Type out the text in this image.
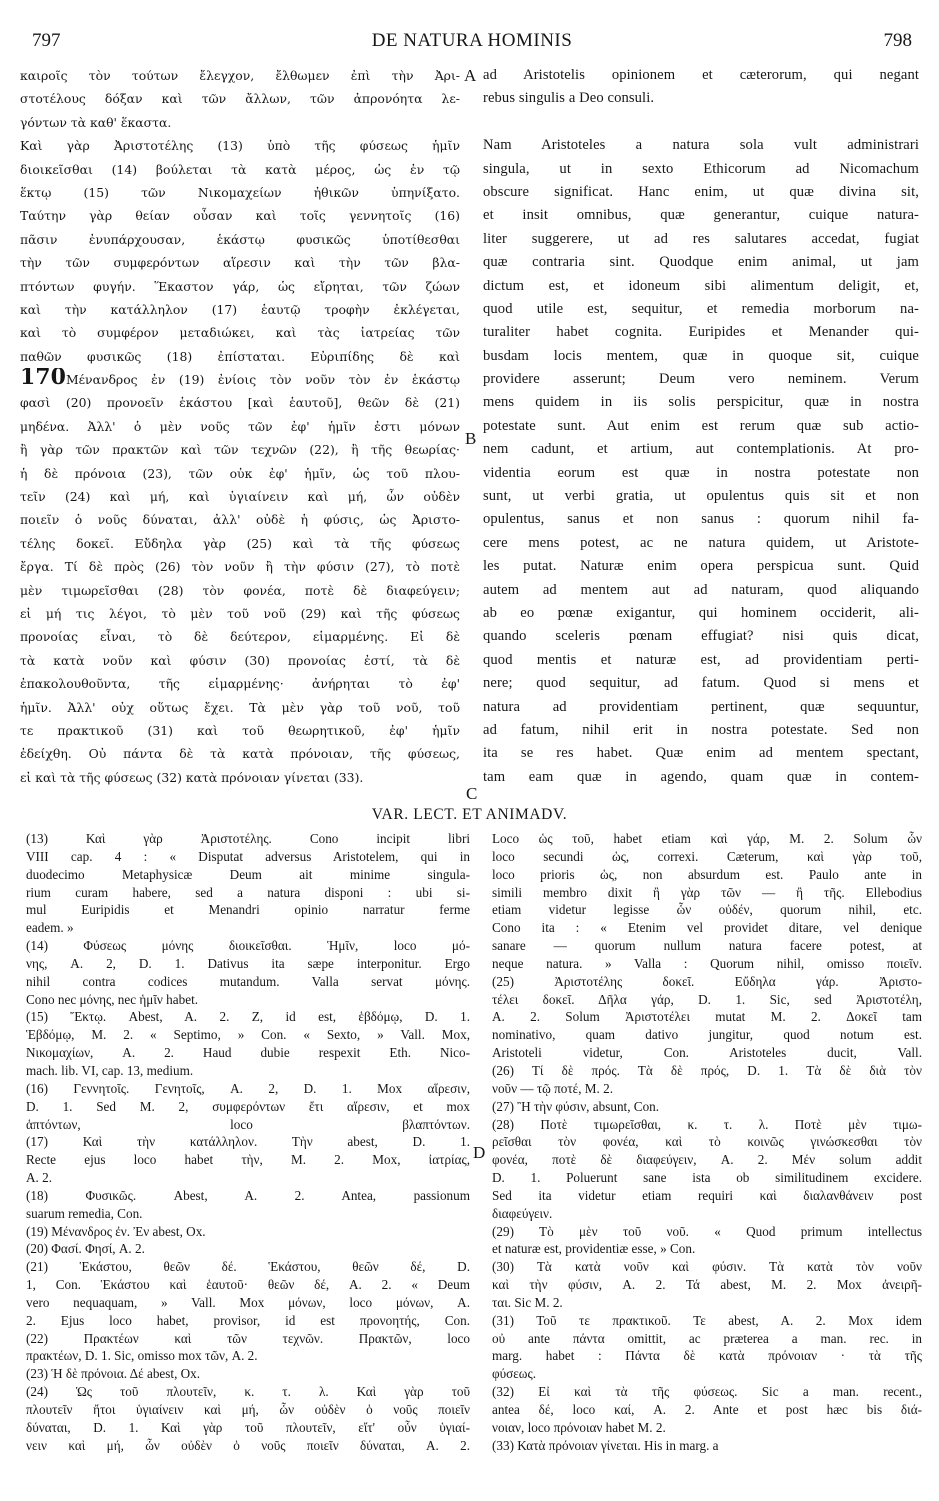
797	DE NATURA HOMINIS	798
καιροῖς τὸν τούτων ἔλεγχον, ἔλθωμεν ἐπὶ τὴν Ἀρι-
στοτέλους δόξαν καὶ τῶν ἄλλων, τῶν ἀπρονόητα λε-
γόντων τὰ καθ' ἕκαστα.
Καὶ γὰρ Ἀριστοτέλης (13) ὑπὸ τῆς φύσεως ἡμῖν
διοικεῖσθαι (14) βούλεται τὰ κατὰ μέρος, ὡς ἐν τῷ
ἕκτῳ (15) τῶν Νικομαχείων ἠθικῶν ὑπηνίξατο.
Ταύτην γὰρ θείαν οὖσαν καὶ τοῖς γεννητοῖς (16)
πᾶσιν ἐνυπάρχουσαν, ἑκάστῳ φυσικῶς ὑποτίθεσθαι
τὴν τῶν συμφερόντων αἵρεσιν καὶ τὴν τῶν βλα-
πτόντων φυγήν. Ἕκαστον γάρ, ὡς εἴρηται, τῶν ζώων
καὶ τὴν κατάλληλον (17) ἑαυτῷ τροφὴν ἐκλέγεται,
καὶ τὸ συμφέρον μεταδιώκει, καὶ τὰς ἰατρείας τῶν
παθῶν φυσικῶς (18) ἐπίσταται. Εὐριπίδης δὲ καὶ
170Μένανδρος ἐν (19) ἐνίοις τὸν νοῦν τὸν ἐν ἑκάστῳ
φασὶ (20) προνοεῖν ἑκάστου [καὶ ἑαυτοῦ], θεῶν δὲ (21)
μηδένα. Ἀλλ' ὁ μὲν νοῦς τῶν ἐφ' ἡμῖν ἐστι μόνων
ἢ γὰρ τῶν πρακτῶν καὶ τῶν τεχνῶν (22), ἢ τῆς θεωρίας·
ἡ δὲ πρόνοια (23), τῶν οὐκ ἐφ' ἡμῖν, ὡς τοῦ πλου-
τεῖν (24) καὶ μή, καὶ ὑγιαίνειν καὶ μή, ὧν οὐδὲν
ποιεῖν ὁ νοῦς δύναται, ἀλλ' οὐδὲ ἡ φύσις, ὡς Ἀριστο-
τέλης δοκεῖ. Εὔδηλα γὰρ (25) καὶ τὰ τῆς φύσεως
ἔργα. Τί δὲ πρὸς (26) τὸν νοῦν ἢ τὴν φύσιν (27), τὸ ποτὲ
μὲν τιμωρεῖσθαι (28) τὸν φονέα, ποτὲ δὲ διαφεύγειν;
εἰ μή τις λέγοι, τὸ μὲν τοῦ νοῦ (29) καὶ τῆς φύσεως
προνοίας εἶναι, τὸ δὲ δεύτερον, εἱμαρμένης. Εἰ δὲ
τὰ κατὰ νοῦν καὶ φύσιν (30) προνοίας ἐστί, τὰ δὲ
ἐπακολουθοῦντα, τῆς εἱμαρμένης· ἀνήρηται τὸ ἐφ'
ἡμῖν. Ἀλλ' οὐχ οὕτως ἔχει. Τὰ μὲν γὰρ τοῦ νοῦ, τοῦ
τε πρακτικοῦ (31) καὶ τοῦ θεωρητικοῦ, ἐφ' ἡμῖν
ἐδείχθη. Οὐ πάντα δὲ τὰ κατὰ πρόνοιαν, τῆς φύσεως,
εἰ καὶ τὰ τῆς φύσεως (32) κατὰ πρόνοιαν γίνεται (33).
ad Aristotelis opinionem et cæterorum, qui negant
rebus singulis a Deo consuli.
Nam Aristoteles a natura sola vult administrari
singula, ut in sexto Ethicorum ad Nicomachum
obscure significat. Hanc enim, ut quæ divina sit,
et insit omnibus, quæ generantur, cuique natura-
liter suggerere, ut ad res salutares accedat, fugiat
quæ contraria sint. Quodque enim animal, ut jam
dictum est, et idoneum sibi alimentum deligit, et,
quod utile est, sequitur, et remedia morborum na-
turaliter habet cognita. Euripides et Menander qui-
busdam locis mentem, quæ in quoque sit, cuique
providere asserunt; Deum vero neminem. Verum
mens quidem in iis solis perspicitur, quæ in nostra
potestate sunt. Aut enim est rerum quæ sub actio-
nem cadunt, et artium, aut contemplationis. At pro-
videntia eorum est quæ in nostra potestate non
sunt, ut verbi gratia, ut opulentus quis sit et non
opulentus, sanus et non sanus : quorum nihil fa-
cere mens potest, ac ne natura quidem, ut Aristote-
les putat. Naturæ enim opera perspicua sunt. Quid
autem ad mentem aut ad naturam, quod aliquando
ab eo pœnæ exigantur, qui hominem occiderit, ali-
quando sceleris pœnam effugiat? nisi quis dicat,
quod mentis et naturæ est, ad providentiam perti-
nere; quod sequitur, ad fatum. Quod si mens et
natura ad providentiam pertinent, quæ sequuntur,
ad fatum, nihil erit in nostra potestate. Sed non
ita se res habet. Quæ enim ad mentem spectant,
tam eam quæ in agendo, quam quæ in contem-
A
B
C
D
VAR. LECT. ET ANIMADV.
(13) Καὶ γὰρ Ἀριστοτέλης. Cono incipit libri
VIII cap. 4 : « Disputat adversus Aristotelem, qui in
duodecimo Metaphysicæ Deum ait minime singula-
rium curam habere, sed a natura disponi : ubi si-
mul Euripidis et Menandri opinio narratur ferme
eadem. »
(14) Φύσεως μόνης διοικεῖσθαι. Ἡμῖν, loco μό-
νης, A. 2, D. 1. Dativus ita sæpe interponitur. Ergo
nihil contra codices mutandum. Valla servat μόνης.
Cono nec μόνης, nec ἡμῖν habet.
(15) Ἕκτῳ. Abest, A. 2. Z, id est, ἑβδόμῳ, D. 1.
Ἑβδόμῳ, M. 2. « Septimo, » Con. « Sexto, » Vall. Mox,
Νικομαχίων, A. 2. Haud dubie respexit Eth. Nico-
mach. lib. VI, cap. 13, medium.
(16) Γεννητοῖς. Γενητοῖς, A. 2, D. 1. Mox αἵρεσιν,
D. 1. Sed M. 2, συμφερόντων ἔτι αἵρεσιν, et mox
ἁπτόντων, loco βλαπτόντων.
(17) Καὶ τὴν κατάλληλον. Τὴν abest, D. 1.
Recte ejus loco habet τὴν, M. 2. Mox, ἰατρίας,
A. 2.
(18) Φυσικῶς. Abest, A. 2. Antea, passionum
suarum remedia, Con.
(19) Μένανδρος ἐν. Ἐν abest, Ox.
(20) Φασί. Φησί, A. 2.
(21) Ἑκάστου, θεῶν δέ. Ἑκάστου, θεῶν δέ, D.
1, Con. Ἑκάστου καὶ ἑαυτοῦ· θεῶν δέ, A. 2. « Deum
vero nequaquam, » Vall. Mox μόνων, loco μόνων, A.
2. Ejus loco habet, provisor, id est προνοητής, Con.
(22) Πρακτέων καὶ τῶν τεχνῶν. Πρακτῶν, loco
πρακτέων, D. 1. Sic, omisso mox τῶν, A. 2.
(23) Ἡ δὲ πρόνοια. Δέ abest, Ox.
(24) Ὡς τοῦ πλουτεῖν, κ. τ. λ. Καὶ γὰρ τοῦ
πλουτεῖν ἤτοι ὑγιαίνειν καὶ μή, ὧν οὐδὲν ὁ νοῦς ποιεῖν
δύναται, D. 1. Καὶ γὰρ τοῦ πλουτεῖν, εἴτ' οὖν ὑγιαί-
νειν καὶ μή, ὧν οὐδὲν ὁ νοῦς ποιεῖν δύναται, A. 2.
Loco ὡς τοῦ, habet etiam καὶ γάρ, M. 2. Solum ὧν
loco secundi ὡς, correxi. Cæterum, καὶ γὰρ τοῦ,
loco prioris ὡς, non absurdum est. Paulo ante in
simili membro dixit ἢ γὰρ τῶν — ἢ τῆς. Ellebodius
etiam videtur legisse ὧν οὐδέν, quorum nihil, etc.
Cono ita : « Etenim vel providet ditare, vel denique
sanare — quorum nullum natura facere potest, at
neque natura. » Valla : Quorum nihil, omisso ποιεῖν.
(25) Ἀριστοτέλης δοκεῖ. Εὔδηλα γάρ. Ἀριστο-
τέλει δοκεῖ. Δῆλα γάρ, D. 1. Sic, sed Ἀριστοτέλη,
A. 2. Solum Ἀριστοτέλει mutat M. 2. Δοκεῖ tam
nominativo, quam dativo jungitur, quod notum est.
Aristoteli videtur, Con. Aristoteles ducit, Vall.
(26) Τί δὲ πρός. Τὰ δὲ πρός, D. 1. Τὰ δὲ διὰ τὸν
νοῦν — τῷ ποτέ, M. 2.
(27) Ἢ τὴν φύσιν, absunt, Con.
(28) Ποτὲ τιμωρεῖσθαι, κ. τ. λ. Ποτὲ μὲν τιμω-
ρεῖσθαι τὸν φονέα, καὶ τὸ κοινῶς γινώσκεσθαι τὸν
φονέα, ποτὲ δὲ διαφεύγειν, A. 2. Μέν solum addit
D. 1. Poluerunt sane ista ob similitudinem excidere.
Sed ita videtur etiam requiri καὶ διαλανθάνειν post
διαφεύγειν.
(29) Τὸ μὲν τοῦ νοῦ. « Quod primum intellectus
et naturæ est, providentiæ esse, » Con.
(30) Τὰ κατὰ νοῦν καὶ φύσιν. Τὰ κατὰ τὸν νοῦν
καὶ τὴν φύσιν, A. 2. Τά abest, M. 2. Mox ἀνειρῆ-
ται. Sic M. 2.
(31) Τοῦ τε πρακτικοῦ. Τε abest, A. 2. Mox idem
οὐ ante πάντα omittit, ac præterea a man. rec. in
marg. habet : Πάντα δὲ κατὰ πρόνοιαν · τὰ τῆς
φύσεως.
(32) Εἰ καὶ τὰ τῆς φύσεως. Sic a man. recent.,
antea δέ, loco καί, A. 2. Ante et post hæc bis διά-
νοιαν, loco πρόνοιαν habet M. 2.
(33) Κατὰ πρόνοιαν γίνεται. His in marg. a
